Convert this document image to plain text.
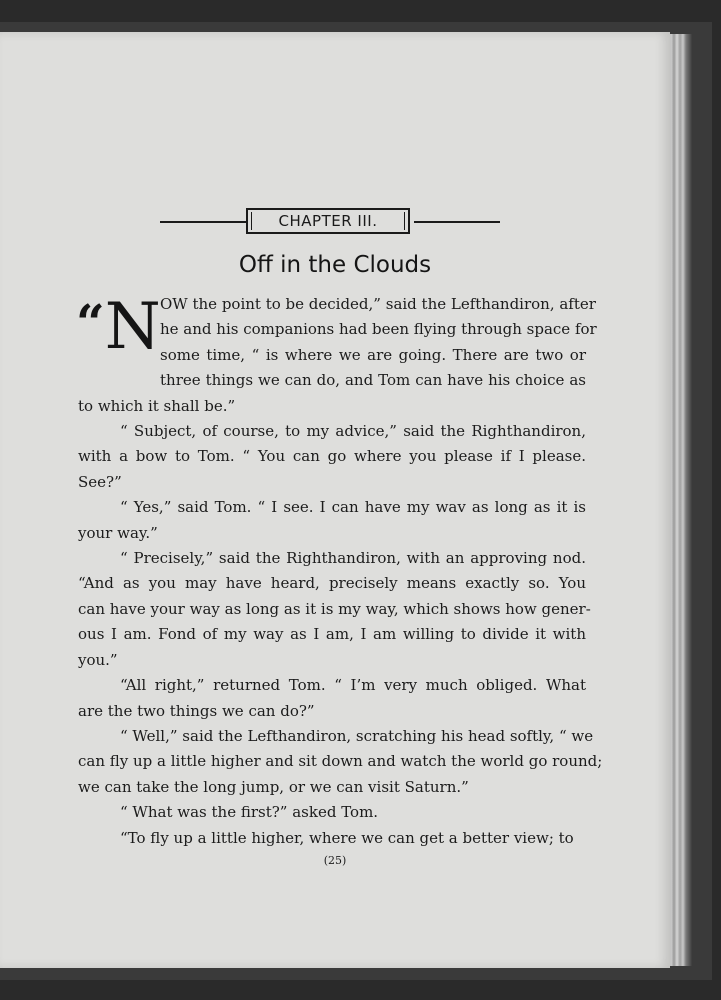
CHAPTER III.
Off in the Clouds
“N OW the point to be decided,” said the Lefthandiron, after
he and his companions had been flying through space for
some time, “ is where we are going. There are two or
three things we can do, and Tom can have his choice as
to which it shall be.”
“ Subject, of course, to my advice,” said the Righthandiron,
with a bow to Tom. “ You can go where you please if I please.
See?”
“ Yes,” said Tom. “ I see. I can have my wav as long as it is
your way.”
“ Precisely,” said the Righthandiron, with an approving nod.
“And as you may have heard, precisely means exactly so. You
can have your way as long as it is my way, which shows how gener-
ous I am. Fond of my way as I am, I am willing to divide it with
you.”
“All right,” returned Tom. “ I’m very much obliged. What
are the two things we can do?”
“ Well,” said the Lefthandiron, scratching his head softly, “ we
can fly up a little higher and sit down and watch the world go round;
we can take the long jump, or we can visit Saturn.”
“ What was the first?” asked Tom.
“To fly up a little higher, where we can get a better view; to
(25)
